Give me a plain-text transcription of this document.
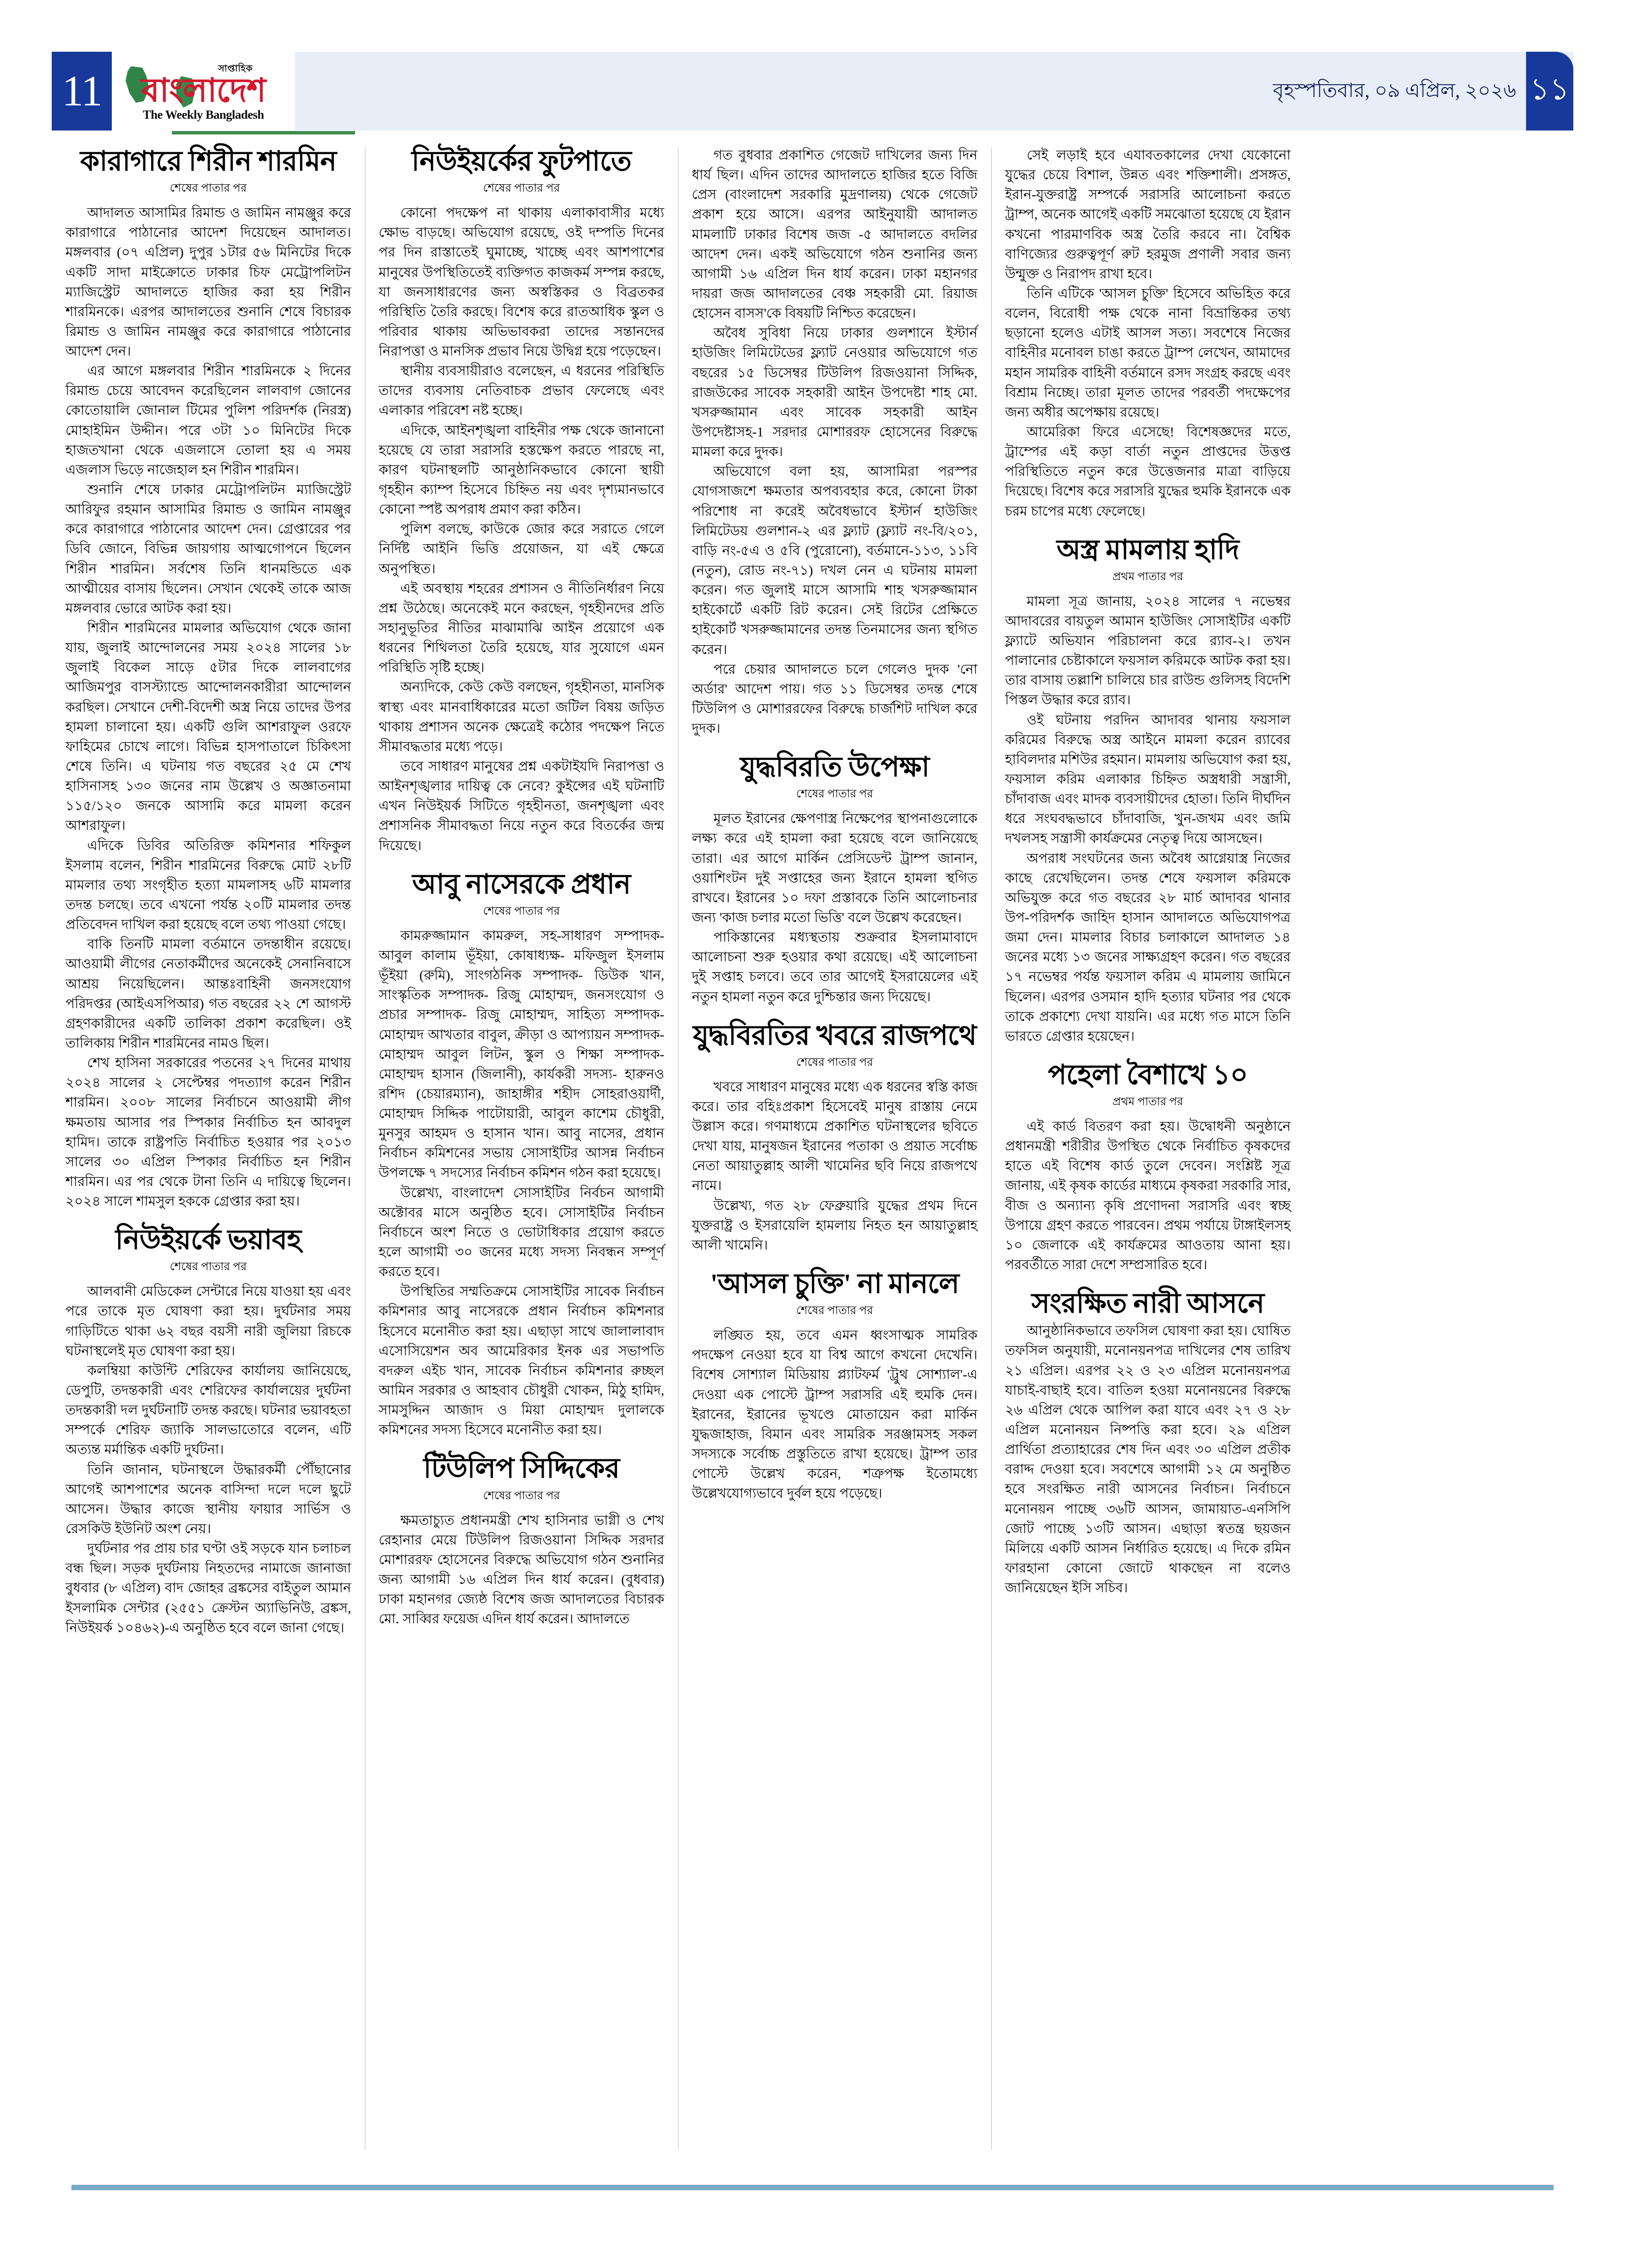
11	সাপ্তাহিক
বাংলাদেশ
The Weekly Bangladesh
বৃহস্পতিবার, ০৯ এপ্রিল, ২০২৬ ১১
কারাগারে শিরীন শারমিন
শেষের পাতার পর

আদালত আসামির রিমান্ড ও জামিন নামঞ্জুর করে কারাগারে পাঠানোর আদেশ দিয়েছেন আদালত। মঙ্গলবার (০৭ এপ্রিল) দুপুর ১টার ৫৬ মিনিটের দিকে একটি সাদা মাইক্রোতে ঢাকার চিফ মেট্রোপলিটন ম্যাজিস্ট্রেট আদালতে হাজির করা হয় শিরীন শারমিনকে। এরপর আদালতের শুনানি শেষে বিচারক রিমান্ড ও জামিন নামঞ্জুর করে কারাগারে পাঠানোর আদেশ দেন।

এর আগে মঙ্গলবার শিরীন শারমিনকে ২ দিনের রিমান্ড চেয়ে আবেদন করেছিলেন লালবাগ জোনের কোতোয়ালি জোনাল টিমের পুলিশ পরিদর্শক (নিরস্ত্র) মোহাইমিন উদ্দীন। পরে ৩টা ১০ মিনিটের দিকে হাজতখানা থেকে এজলাসে তোলা হয় এ সময় এজলাস ভিড়ে নাজেহাল হন শিরীন শারমিন।

শুনানি শেষে ঢাকার মেট্রোপলিটন ম্যাজিস্ট্রেট আরিফুর রহমান আসামির রিমান্ড ও জামিন নামঞ্জুর করে কারাগারে পাঠানোর আদেশ দেন। গ্রেপ্তারের পর ডিবি জোনে, বিভিন্ন জায়গায় আত্মগোপনে ছিলেন শিরীন শারমিন। সর্বশেষ তিনি ধানমন্ডিতে এক আত্মীয়ের বাসায় ছিলেন। সেখান থেকেই তাকে আজ মঙ্গলবার ভোরে আটক করা হয়।

শিরীন শারমিনের মামলার অভিযোগ থেকে জানা যায়, জুলাই আন্দোলনের সময় ২০২৪ সালের ১৮ জুলাই বিকেল সাড়ে ৫টার দিকে লালবাগের আজিমপুর বাসস্ট্যান্ডে আন্দোলনকারীরা আন্দোলন করছিল। সেখানে দেশী-বিদেশী অস্ত্র নিয়ে তাদের উপর হামলা চালানো হয়। একটি গুলি আশরাফুল ওরফে ফাহিমের চোখে লাগে। বিভিন্ন হাসপাতালে চিকিৎসা শেষে তিনি। এ ঘটনায় গত বছরের ২৫ মে শেখ হাসিনাসহ ১৩০ জনের নাম উল্লেখ ও অজ্ঞাতনামা ১১৫/১২০ জনকে আসামি করে মামলা করেন আশরাফুল।

এদিকে ডিবির অতিরিক্ত কমিশনার শফিকুল ইসলাম বলেন, শিরীন শারমিনের বিরুদ্ধে মোট ২৮টি মামলার তথ্য সংগৃহীত হত্যা মামলাসহ ৬টি মামলার তদন্ত চলছে। তবে এখনো পর্যন্ত ২০টি মামলার তদন্ত প্রতিবেদন দাখিল করা হয়েছে বলে তথ্য পাওয়া গেছে।

বাকি তিনটি মামলা বর্তমানে তদন্তাধীন রয়েছে। আওয়ামী লীগের নেতাকর্মীদের অনেকেই সেনানিবাসে আশ্রয় নিয়েছিলেন। আন্তঃবাহিনী জনসংযোগ পরিদপ্তর (আইএসপিআর) গত বছরের ২২ শে আগস্ট গ্রহণকারীদের একটি তালিকা প্রকাশ করেছিল। ওই তালিকায় শিরীন শারমিনের নামও ছিল।

শেখ হাসিনা সরকারের পতনের ২৭ দিনের মাথায় ২০২৪ সালের ২ সেপ্টেম্বর পদত্যাগ করেন শিরীন শারমিন। ২০০৮ সালের নির্বাচনে আওয়ামী লীগ ক্ষমতায় আসার পর স্পিকার নির্বাচিত হন আবদুল হামিদ। তাকে রাষ্ট্রপতি নির্বাচিত হওয়ার পর ২০১৩ সালের ৩০ এপ্রিল স্পিকার নির্বাচিত হন শিরীন শারমিন। এর পর থেকে টানা তিনি এ দায়িত্বে ছিলেন। ২০২৪ সালে শামসুল হককে গ্রেপ্তার করা হয়।

নিউইয়র্কে ভয়াবহ
শেষের পাতার পর

আলবানী মেডিকেল সেন্টারে নিয়ে যাওয়া হয় এবং পরে তাকে মৃত ঘোষণা করা হয়। দুর্ঘটনার সময় গাড়িটিতে থাকা ৬২ বছর বয়সী নারী জুলিয়া রিচকে ঘটনাস্থলেই মৃত ঘোষণা করা হয়।

কলম্বিয়া কাউন্টি শেরিফের কার্যালয় জানিয়েছে, ডেপুটি, তদন্তকারী এবং শেরিফের কার্যালয়ের দুর্ঘটনা তদন্তকারী দল দুর্ঘটনাটি তদন্ত করছে। ঘটনার ভয়াবহতা সম্পর্কে শেরিফ জ্যাকি সালভাতোরে বলেন, এটি অত্যন্ত মর্মান্তিক একটি দুর্ঘটনা।

তিনি জানান, ঘটনাস্থলে উদ্ধারকর্মী পৌঁছানোর আগেই আশপাশের অনেক বাসিন্দা দলে দলে ছুটে আসেন। উদ্ধার কাজে স্থানীয় ফায়ার সার্ভিস ও রেসকিউ ইউনিট অংশ নেয়।

দুর্ঘটনার পর প্রায় চার ঘণ্টা ওই সড়কে যান চলাচল বন্ধ ছিল। সড়ক দুর্ঘটনায় নিহতদের নামাজে জানাজা বুধবার (৮ এপ্রিল) বাদ জোহর ব্রঙ্কসের বাইতুল আমান ইসলামিক সেন্টার (২৫৫১ ক্রেস্টন অ্যাভিনিউ, ব্রঙ্কস, নিউইয়র্ক ১০৪৬২)-এ অনুষ্ঠিত হবে বলে জানা গেছে।

নিউইয়র্কের ফুটপাতে
শেষের পাতার পর

কোনো পদক্ষেপ না থাকায় এলাকাবাসীর মধ্যে ক্ষোভ বাড়ছে। অভিযোগ রয়েছে, ওই দম্পতি দিনের পর দিন রাস্তাতেই ঘুমাচ্ছে, খাচ্ছে এবং আশপাশের মানুষের উপস্থিতিতেই ব্যক্তিগত কাজকর্ম সম্পন্ন করছে, যা জনসাধারণের জন্য অস্বস্তিকর ও বিব্রতকর পরিস্থিতি তৈরি করছে। বিশেষ করে রাতআধিক স্কুল ও পরিবার থাকায় অভিভাবকরা তাদের সন্তানদের নিরাপত্তা ও মানসিক প্রভাব নিয়ে উদ্বিগ্ন হয়ে পড়েছেন।

স্থানীয় ব্যবসায়ীরাও বলেছেন, এ ধরনের পরিস্থিতি তাদের ব্যবসায় নেতিবাচক প্রভাব ফেলেছে এবং এলাকার পরিবেশ নষ্ট হচ্ছে।

এদিকে, আইনশৃঙ্খলা বাহিনীর পক্ষ থেকে জানানো হয়েছে যে তারা সরাসরি হস্তক্ষেপ করতে পারছে না, কারণ ঘটনাস্থলটি আনুষ্ঠানিকভাবে কোনো স্থায়ী গৃহহীন ক্যাম্প হিসেবে চিহ্নিত নয় এবং দৃশ্যমানভাবে কোনো স্পষ্ট অপরাধ প্রমাণ করা কঠিন।

পুলিশ বলছে, কাউকে জোর করে সরাতে গেলে নির্দিষ্ট আইনি ভিত্তি প্রয়োজন, যা এই ক্ষেত্রে অনুপস্থিত।

এই অবস্থায় শহরের প্রশাসন ও নীতিনির্ধারণ নিয়ে প্রশ্ন উঠেছে। অনেকেই মনে করছেন, গৃহহীনদের প্রতি সহানুভূতির নীতির মাঝামাঝি আইন প্রয়োগে এক ধরনের শিথিলতা তৈরি হয়েছে, যার সুযোগে এমন পরিস্থিতি সৃষ্টি হচ্ছে।

অন্যদিকে, কেউ কেউ বলছেন, গৃহহীনতা, মানসিক স্বাস্থ্য এবং মানবাধিকারের মতো জটিল বিষয় জড়িত থাকায় প্রশাসন অনেক ক্ষেত্রেই কঠোর পদক্ষেপ নিতে সীমাবদ্ধতার মধ্যে পড়ে।

তবে সাধারণ মানুষের প্রশ্ন একটাইযদি নিরাপত্তা ও আইনশৃঙ্খলার দায়িত্ব কে নেবে? কুইন্সের এই ঘটনাটি এখন নিউইয়র্ক সিটিতে গৃহহীনতা, জনশৃঙ্খলা এবং প্রশাসনিক সীমাবদ্ধতা নিয়ে নতুন করে বিতর্কের জন্ম দিয়েছে।

আবু নাসেরকে প্রধান
শেষের পাতার পর

কামরুজ্জামান কামরুল, সহ-সাধারণ সম্পাদক- আবুল কালাম ভূঁইয়া, কোষাধ্যক্ষ- মফিজুল ইসলাম ভূঁইয়া (রুমি), সাংগঠনিক সম্পাদক- ডিউক খান, সাংস্কৃতিক সম্পাদক- রিজু মোহাম্মদ, জনসংযোগ ও প্রচার সম্পাদক- রিজু মোহাম্মদ, সাহিত্য সম্পাদক- মোহাম্মদ আখতার বাবুল, ক্রীড়া ও আপ্যায়ন সম্পাদক- মোহাম্মদ আবুল লিটন, স্কুল ও শিক্ষা সম্পাদক- মোহাম্মদ হাসান (জিলানী), কার্যকরী সদস্য- হারুনও রশিদ (চেয়ারম্যান), জাহাঙ্গীর শহীদ সোহরাওয়ার্দী, মোহাম্মদ সিদ্দিক পাটোয়ারী, আবুল কাশেম চৌধুরী, মুনসুর আহমদ ও হাসান খান। আবু নাসের, প্রধান নির্বাচন কমিশনের সভায় সোসাইটির আসন্ন নির্বাচন উপলক্ষে ৭ সদস্যের নির্বাচন কমিশন গঠন করা হয়েছে।

উল্লেখ্য, বাংলাদেশ সোসাইটির নির্বচন আগামী অক্টোবর মাসে অনুষ্ঠিত হবে। সোসাইটির নির্বাচন নির্বাচনে অংশ নিতে ও ভোটাধিকার প্রয়োগ করতে হলে আগামী ৩০ জনের মধ্যে সদস্য নিবন্ধন সম্পূর্ণ করতে হবে।

উপস্থিতির সম্মতিক্রমে সোসাইটির সাবেক নির্বাচন কমিশনার আবু নাসেরকে প্রধান নির্বাচন কমিশনার হিসেবে মনোনীত করা হয়। এছাড়া সাথে জালালাবাদ এসোসিয়েশন অব আমেরিকার ইনক এর সভাপতি বদরুল এইচ খান, সাবেক নির্বাচন কমিশনার রুচ্ছল আমিন সরকার ও আহবাব চৌধুরী খোকন, মিঠু হামিদ, সামসুদ্দিন আজাদ ও মিয়া মোহাম্মদ দুলালকে কমিশনের সদস্য হিসেবে মনোনীত করা হয়।

টিউলিপ সিদ্দিকের
শেষের পাতার পর

ক্ষমতাচ্যুত প্রধানমন্ত্রী শেখ হাসিনার ভাগ্নী ও শেখ রেহানার মেয়ে টিউলিপ রিজওয়ানা সিদ্দিক সরদার মোশাররফ হোসেনের বিরুদ্ধে অভিযোগ গঠন শুনানির জন্য আগামী ১৬ এপ্রিল দিন ধার্য করেন। (বুধবার) ঢাকা মহানগর জ্যেষ্ঠ বিশেষ জজ আদালতের বিচারক মো. সাব্বির ফয়েজ এদিন ধার্য করেন। আদালতে

গত বুধবার প্রকাশিত গেজেট দাখিলের জন্য দিন ধার্য ছিল। এদিন তাদের আদালতে হাজির হতে বিজি প্রেস (বাংলাদেশ সরকারি মুদ্রণালয়) থেকে গেজেট প্রকাশ হয়ে আসে। এরপর আইনুযায়ী আদালত মামলাটি ঢাকার বিশেষ জজ -৫ আদালতে বদলির আদেশ দেন। একই অভিযোগে গঠন শুনানির জন্য আগামী ১৬ এপ্রিল দিন ধার্য করেন। ঢাকা মহানগর দায়রা জজ আদালতের বেঞ্চ সহকারী মো. রিয়াজ হোসেন বাসস'কে বিষয়টি নিশ্চিত করেছেন।

অবৈধ সুবিধা নিয়ে ঢাকার গুলশানে ইস্টার্ন হাউজিং লিমিটেডের ফ্ল্যাট নেওয়ার অভিযোগে গত বছরের ১৫ ডিসেম্বর টিউলিপ রিজওয়ানা সিদ্দিক, রাজউকের সাবেক সহকারী আইন উপদেষ্টা শাহ মো. খসরুজ্জামান এবং সাবেক সহকারী আইন উপদেষ্টাসহ-1 সরদার মোশাররফ হোসেনের বিরুদ্ধে মামলা করে দুদক।

অভিযোগে বলা হয়, আসামিরা পরস্পর যোগসাজশে ক্ষমতার অপব্যবহার করে, কোনো টাকা পরিশোধ না করেই অবৈধভাবে ইস্টার্ন হাউজিং লিমিটেডয় গুলশান-২ এর ফ্ল্যাট (ফ্ল্যাট নং-বি/২০১, বাড়ি নং-৫এ ও ৫বি (পুরোনো), বর্তমানে-১১৩, ১১বি (নতুন), রোড নং-৭১) দখল নেন এ ঘটনায় মামলা করেন। গত জুলাই মাসে আসামি শাহ খসরুজ্জামান হাইকোর্টে একটি রিট করেন। সেই রিটের প্রেক্ষিতে হাইকোর্ট খসরুজ্জামানের তদন্ত তিনমাসের জন্য স্থগিত করেন।

পরে চেয়ার আদালতে চলে গেলেও দুদক 'নো অর্ডার' আদেশ পায়। গত ১১ ডিসেম্বর তদন্ত শেষে টিউলিপ ও মোশাররফের বিরুদ্ধে চার্জশিট দাখিল করে দুদক।

যুদ্ধবিরতি উপেক্ষা
শেষের পাতার পর

মূলত ইরানের ক্ষেপণাস্ত্র নিক্ষেপের স্থাপনাগুলোকে লক্ষ্য করে এই হামলা করা হয়েছে বলে জানিয়েছে তারা। এর আগে মার্কিন প্রেসিডেন্ট ট্রাম্প জানান, ওয়াশিংটন দুই সপ্তাহের জন্য ইরানে হামলা স্থগিত রাখবে। ইরানের ১০ দফা প্রস্তাবকে তিনি আলোচনার জন্য 'কাজ চলার মতো ভিত্তি' বলে উল্লেখ করেছেন।

পাকিস্তানের মধ্যস্থতায় শুক্রবার ইসলামাবাদে আলোচনা শুরু হওয়ার কথা রয়েছে। এই আলোচনা দুই সপ্তাহ চলবে। তবে তার আগেই ইসরায়েলের এই নতুন হামলা নতুন করে দুশ্চিন্তার জন্য দিয়েছে।

যুদ্ধবিরতির খবরে রাজপথে
শেষের পাতার পর

খবরে সাধারণ মানুষের মধ্যে এক ধরনের স্বস্তি কাজ করে। তার বহিঃপ্রকাশ হিসেবেই মানুষ রাস্তায় নেমে উল্লাস করে। গণমাধ্যমে প্রকাশিত ঘটনাস্থলের ছবিতে দেখা যায়, মানুষজন ইরানের পতাকা ও প্রয়াত সর্বোচ্চ নেতা আয়াতুল্লাহ আলী খামেনির ছবি নিয়ে রাজপথে নামে।

উল্লেখ্য, গত ২৮ ফেব্রুয়ারি যুদ্ধের প্রথম দিনে যুক্তরাষ্ট্র ও ইসরায়েলি হামলায় নিহত হন আয়াতুল্লাহ আলী খামেনি।

'আসল চুক্তি' না মানলে
শেষের পাতার পর

লঙ্ঘিত হয়, তবে এমন ধ্বংসাত্মক সামরিক পদক্ষেপ নেওয়া হবে যা বিশ্ব আগে কখনো দেখেনি। বিশেষ সোশ্যাল মিডিয়ায় প্ল্যাটফর্ম 'ট্রুথ সোশ্যাল'-এ দেওয়া এক পোস্টে ট্রাম্প সরাসরি এই হুমকি দেন। ইরানের, ইরানের ভূখণ্ডে মোতায়েন করা মার্কিন যুদ্ধজাহাজ, বিমান এবং সামরিক সরঞ্জামসহ সকল সদস্যকে সর্বোচ্চ প্রস্তুতিতে রাখা হয়েছে। ট্রাম্প তার পোস্টে উল্লেখ করেন, শত্রুপক্ষ ইতোমধ্যে উল্লেখযোগ্যভাবে দুর্বল হয়ে পড়েছে।

সেই লড়াই হবে এযাবতকালের দেখা যেকোনো যুদ্ধের চেয়ে বিশাল, উন্নত এবং শক্তিশালী। প্রসঙ্গত, ইরান-যুক্তরাষ্ট্র সম্পর্কে সরাসরি আলোচনা করতে ট্রাম্প, অনেক আগেই একটি সমঝোতা হয়েছে যে ইরান কখনো পারমাণবিক অস্ত্র তৈরি করবে না। বৈশ্বিক বাণিজ্যের গুরুত্বপূর্ণ রুট হরমুজ প্রণালী সবার জন্য উন্মুক্ত ও নিরাপদ রাখা হবে।

তিনি এটিকে 'আসল চুক্তি' হিসেবে অভিহিত করে বলেন, বিরোধী পক্ষ থেকে নানা বিভ্রান্তিকর তথ্য ছড়ানো হলেও এটাই আসল সত্য। সবশেষে নিজের বাহিনীর মনোবল চাঙা করতে ট্রাম্প লেখেন, আমাদের মহান সামরিক বাহিনী বর্তমানে রসদ সংগ্রহ করছে এবং বিশ্রাম নিচ্ছে। তারা মূলত তাদের পরবর্তী পদক্ষেপের জন্য অধীর অপেক্ষায় রয়েছে।

আমেরিকা ফিরে এসেছে! বিশেষজ্ঞদের মতে, ট্রাম্পের এই কড়া বার্তা নতুন প্রাপ্তদের উত্তপ্ত পরিস্থিতিতে নতুন করে উত্তেজনার মাত্রা বাড়িয়ে দিয়েছে। বিশেষ করে সরাসরি যুদ্ধের হুমকি ইরানকে এক চরম চাপের মধ্যে ফেলেছে।

অস্ত্র মামলায় হাদি
প্রথম পাতার পর

মামলা সূত্র জানায়, ২০২৪ সালের ৭ নভেম্বর আদাবরের বায়তুল আমান হাউজিং সোসাইটির একটি ফ্ল্যাটে অভিযান পরিচালনা করে র‍্যাব-২। তখন পালানোর চেষ্টাকালে ফয়সাল করিমকে আটক করা হয়। তার বাসায় তল্লাশি চালিয়ে চার রাউন্ড গুলিসহ বিদেশি পিস্তল উদ্ধার করে র‍্যাব।

ওই ঘটনায় পরদিন আদাবর থানায় ফয়সাল করিমের বিরুদ্ধে অস্ত্র আইনে মামলা করেন র‍্যাবের হাবিলদার মশিউর রহমান। মামলায় অভিযোগ করা হয়, ফয়সাল করিম এলাকার চিহ্নিত অস্ত্রধারী সন্ত্রাসী, চাঁদাবাজ এবং মাদক ব্যবসায়ীদের হোতা। তিনি দীর্ঘদিন ধরে সংঘবদ্ধভাবে চাঁদাবাজি, খুন-জখম এবং জমি দখলসহ সন্ত্রাসী কার্যক্রমের নেতৃত্ব দিয়ে আসছেন।

অপরাধ সংঘটনের জন্য অবৈধ আগ্নেয়াস্ত্র নিজের কাছে রেখেছিলেন। তদন্ত শেষে ফয়সাল করিমকে অভিযুক্ত করে গত বছরের ২৮ মার্চ আদাবর থানার উপ-পরিদর্শক জাহিদ হাসান আদালতে অভিযোগপত্র জমা দেন। মামলার বিচার চলাকালে আদালত ১৪ জনের মধ্যে ১৩ জনের সাক্ষ্যগ্রহণ করেন। গত বছরের ১৭ নভেম্বর পর্যন্ত ফয়সাল করিম এ মামলায় জামিনে ছিলেন। এরপর ওসমান হাদি হত্যার ঘটনার পর থেকে তাকে প্রকাশ্যে দেখা যায়নি। এর মধ্যে গত মাসে তিনি ভারতে গ্রেপ্তার হয়েছেন।

পহেলা বৈশাখে ১০
প্রথম পাতার পর

এই কার্ড বিতরণ করা হয়। উদ্বোধনী অনুষ্ঠানে প্রধানমন্ত্রী শরীরীর উপস্থিত থেকে নির্বাচিত কৃষকদের হাতে এই বিশেষ কার্ড তুলে দেবেন। সংশ্লিষ্ট সূত্র জানায়, এই কৃষক কার্ডের মাধ্যমে কৃষকরা সরকারি সার, বীজ ও অন্যান্য কৃষি প্রণোদনা সরাসরি এবং স্বচ্ছ উপায়ে গ্রহণ করতে পারবেন। প্রথম পর্যায়ে টাঙ্গাইলসহ ১০ জেলাকে এই কার্যক্রমের আওতায় আনা হয়। পরবর্তীতে সারা দেশে সম্প্রসারিত হবে।

সংরক্ষিত নারী আসনে

আনুষ্ঠানিকভাবে তফসিল ঘোষণা করা হয়। ঘোষিত তফসিল অনুযায়ী, মনোনয়নপত্র দাখিলের শেষ তারিখ ২১ এপ্রিল। এরপর ২২ ও ২৩ এপ্রিল মনোনয়নপত্র যাচাই-বাছাই হবে। বাতিল হওয়া মনোনয়নের বিরুদ্ধে ২৬ এপ্রিল থেকে আপিল করা যাবে এবং ২৭ ও ২৮ এপ্রিল মনোনয়ন নিষ্পত্তি করা হবে। ২৯ এপ্রিল প্রার্থিতা প্রত্যাহারের শেষ দিন এবং ৩০ এপ্রিল প্রতীক বরাদ্দ দেওয়া হবে। সবশেষে আগামী ১২ মে অনুষ্ঠিত হবে সংরক্ষিত নারী আসনের নির্বাচন। নির্বাচনে মনোনয়ন পাচ্ছে ৩৬টি আসন, জামায়াত-এনসিপি জোট পাচ্ছে ১৩টি আসন। এছাড়া স্বতন্ত্র ছয়জন মিলিয়ে একটি আসন নির্ধারিত হয়েছে। এ দিকে রমিন ফারহানা কোনো জোটে থাকছেন না বলেও জানিয়েছেন ইসি সচিব।
